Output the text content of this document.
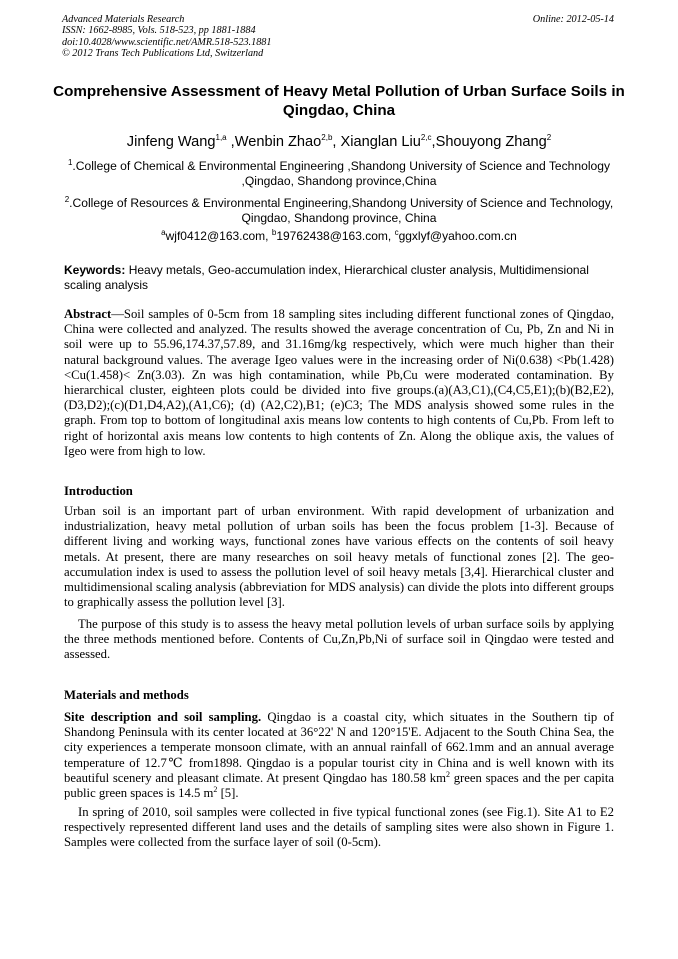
Advanced Materials Research
ISSN: 1662-8985, Vols. 518-523, pp 1881-1884
doi:10.4028/www.scientific.net/AMR.518-523.1881
© 2012 Trans Tech Publications Ltd, Switzerland
Online: 2012-05-14
Comprehensive Assessment of Heavy Metal Pollution of Urban Surface Soils in Qingdao, China
Jinfeng Wang$^{1,a}$ ,Wenbin Zhao$^{2,b}$, Xianglan Liu$^{2,c}$,Shouyong Zhang$^2$
$^1$.College of Chemical & Environmental Engineering ,Shandong University of Science and Technology ,Qingdao, Shandong province,China
$^2$.College of Resources & Environmental Engineering,Shandong University of Science and Technology, Qingdao, Shandong province, China
$^a$wjf0412@163.com, $^b$19762438@163.com, $^c$ggxlyf@yahoo.com.cn
Keywords: Heavy metals, Geo-accumulation index, Hierarchical cluster analysis, Multidimensional scaling analysis
Abstract—Soil samples of 0-5cm from 18 sampling sites including different functional zones of Qingdao, China were collected and analyzed. The results showed the average concentration of Cu, Pb, Zn and Ni in soil were up to 55.96,174.37,57.89, and 31.16mg/kg respectively, which were much higher than their natural background values. The average Igeo values were in the increasing order of Ni(0.638) <Pb(1.428)<Cu(1.458)< Zn(3.03). Zn was high contamination, while Pb,Cu were moderated contamination. By hierarchical cluster, eighteen plots could be divided into five groups.(a)(A3,C1),(C4,C5,E1);(b)(B2,E2),(D3,D2);(c)(D1,D4,A2),(A1,C6); (d) (A2,C2),B1; (e)C3; The MDS analysis showed some rules in the graph. From top to bottom of longitudinal axis means low contents to high contents of Cu,Pb. From left to right of horizontal axis means low contents to high contents of Zn. Along the oblique axis, the values of Igeo were from high to low.
Introduction
Urban soil is an important part of urban environment. With rapid development of urbanization and industrialization, heavy metal pollution of urban soils has been the focus problem [1-3]. Because of different living and working ways, functional zones have various effects on the contents of soil heavy metals. At present, there are many researches on soil heavy metals of functional zones [2]. The geo-accumulation index is used to assess the pollution level of soil heavy metals [3,4]. Hierarchical cluster and multidimensional scaling analysis (abbreviation for MDS analysis) can divide the plots into different groups to graphically assess the pollution level [3].
The purpose of this study is to assess the heavy metal pollution levels of urban surface soils by applying the three methods mentioned before. Contents of Cu,Zn,Pb,Ni of surface soil in Qingdao were tested and assessed.
Materials and methods
Site description and soil sampling. Qingdao is a coastal city, which situates in the Southern tip of Shandong Peninsula with its center located at 36°22' N and 120°15'E. Adjacent to the South China Sea, the city experiences a temperate monsoon climate, with an annual rainfall of 662.1mm and an annual average temperature of 12.7℃ from1898. Qingdao is a popular tourist city in China and is well known with its beautiful scenery and pleasant climate. At present Qingdao has 180.58 $km^2$ green spaces and the per capita public green spaces is 14.5 $m^2$ [5].
In spring of 2010, soil samples were collected in five typical functional zones (see Fig.1). Site A1 to E2 respectively represented different land uses and the details of sampling sites were also shown in Figure 1. Samples were collected from the surface layer of soil (0-5cm).
